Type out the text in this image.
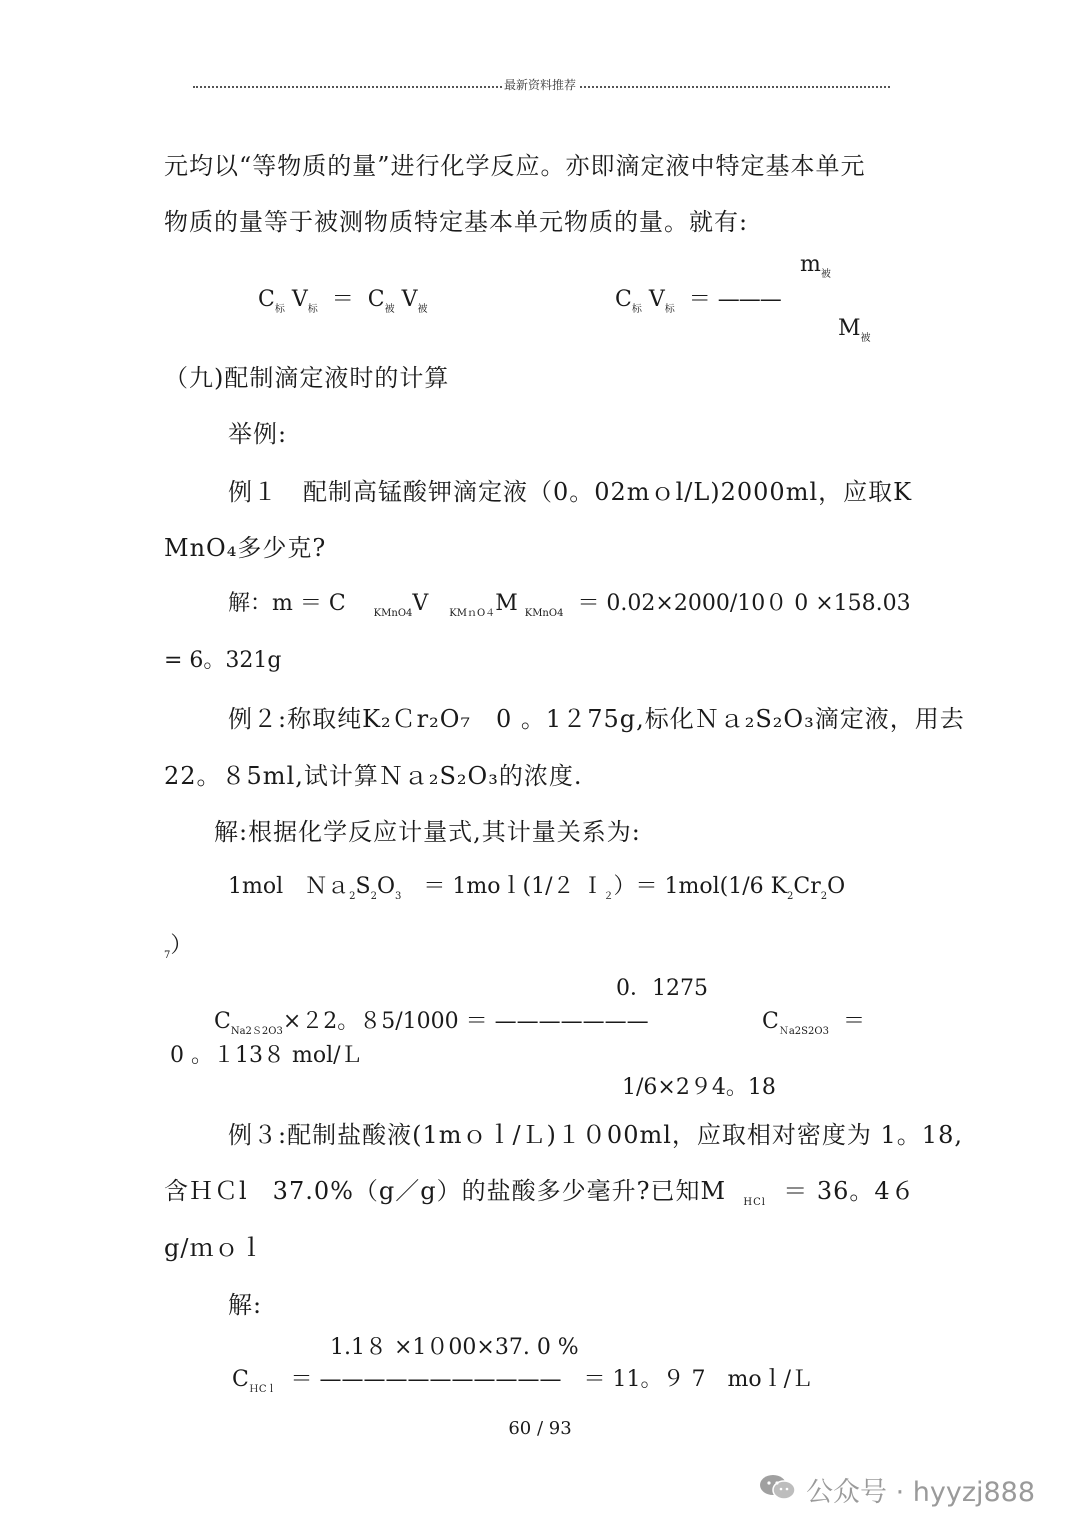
最新资料推荐
元均以“等物质的量”进行化学反应。亦即滴定液中特定基本单元
物质的量等于被测物质特定基本单元物质的量。就有:
$C_标$ $V_标 = C_被$ $V_被$	$C_标$ $V_标$ ＝ ———
$m_被$
$M_被$
（九)配制滴定液时的计算
举例:
例１　配制高锰酸钾滴定液（0。02mｏl/L)2000ml，应取K
MnO₄多少克?
解：m ＝ C	$_{KMnO4}$V $_{KMnO4}$M $_{KMnO4}$ ＝ 0.02×2000/10０ 0 ×158.03
= 6。321g
例２:称取纯K₂Ｃr₂O₇　0 。1２75g,标化Ｎａ₂S₂O₃滴定液，用去
22。８5ml,试计算Ｎａ₂S₂O₃的浓度.
解:根据化学反应计量式,其计量关系为:
1mol　$Na_2S_2O_3$　＝ 1moｌ(1/２ Ｉ$_2$）＝ 1mol(1/6 $K_2Cr_2O$
$_7$）
0．1275
$C_{Na2S2O3}\times 22$。８5/1000 ＝ ———————	$C_{Na2S2O3}$ ＝
0 。１13８ mol/Ｌ
1/6×2９4。18
例３:配制盐酸液(1mｏｌ/Ｌ)１０00ml，应取相对密度为 1。18,
含ＨＣl　37.0%（g／g）的盐酸多少毫升?已知M $_{HCl}$ ＝ 36。4６
g/ｍｏｌ
解:
1.1８ ×1０00×37. 0 %
$C_{HCl}$ ＝ ———————————　＝ 11。９ 7　moｌ/Ｌ
60 / 93
公众号 · hyyzj888
